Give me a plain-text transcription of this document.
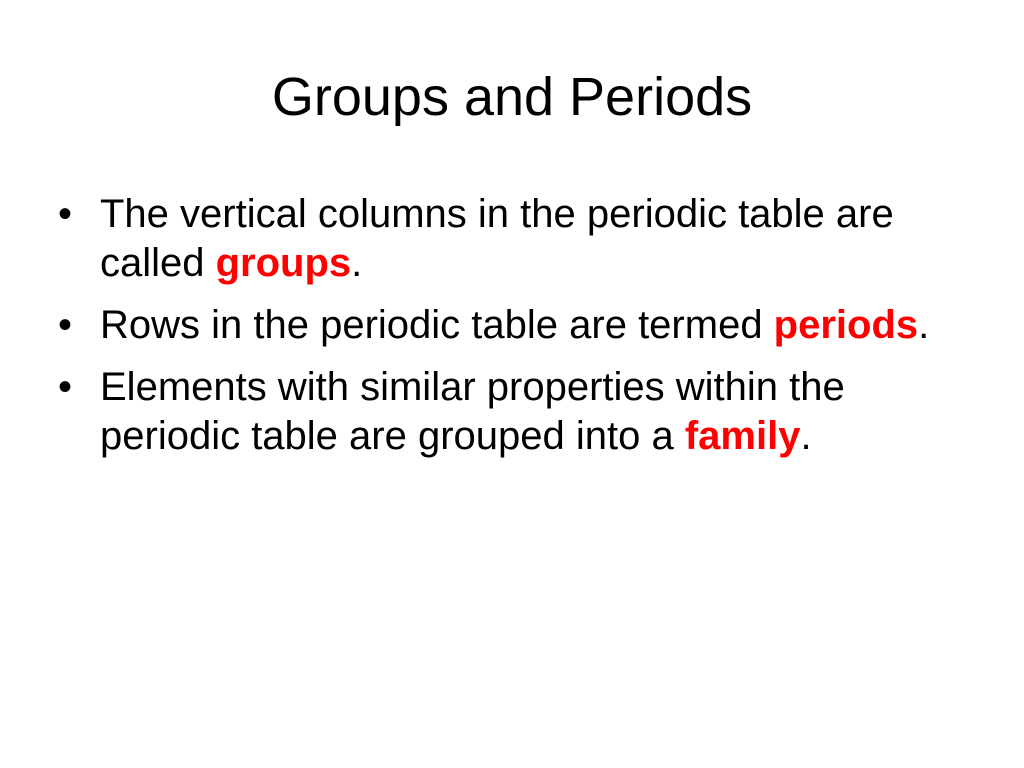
Groups and Periods
• The vertical columns in the periodic table are called groups.
• Rows in the periodic table are termed periods.
• Elements with similar properties within the periodic table are grouped into a family.
